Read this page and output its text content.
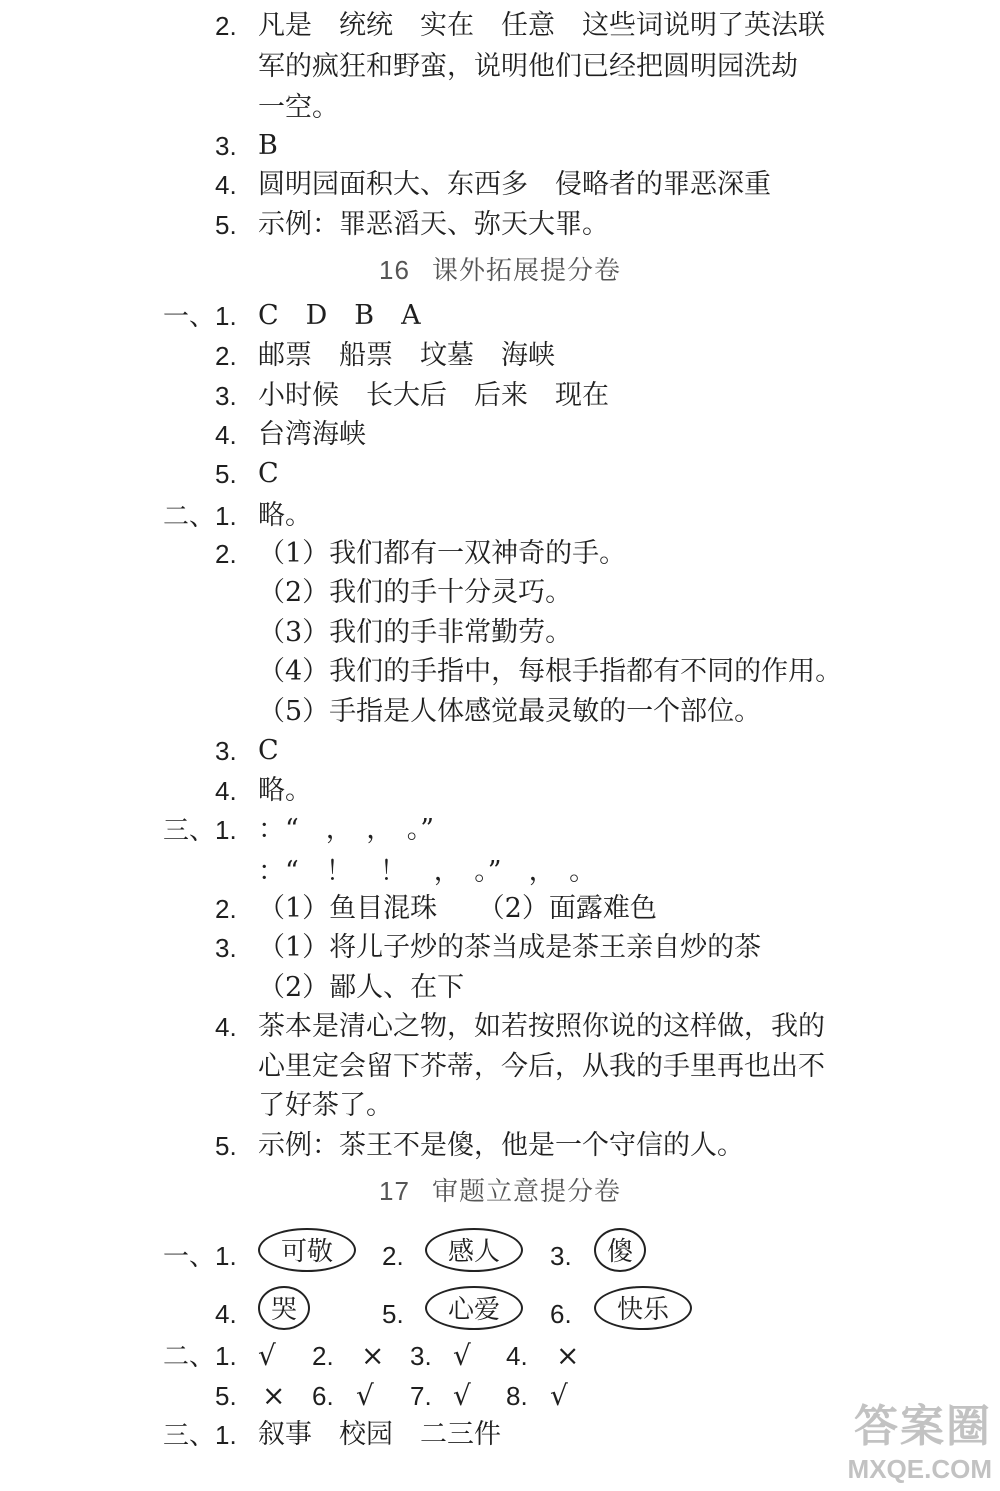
2. 凡是　统统　实在　任意　这些词说明了英法联
军的疯狂和野蛮，说明他们已经把圆明园洗劫
一空。
3. B
4. 圆明园面积大、东西多　侵略者的罪恶深重
5. 示例：罪恶滔天、弥天大罪。
16 课外拓展提分卷
一、1. C　D　B　A
2. 邮票　船票　坟墓　海峡
3. 小时候　长大后　后来　现在
4. 台湾海峡
5. C
二、1. 略。
2. （1）我们都有一双神奇的手。
（2）我们的手十分灵巧。
（3）我们的手非常勤劳。
（4）我们的手指中，每根手指都有不同的作用。
（5）手指是人体感觉最灵敏的一个部位。
3. C
4. 略。
三、1. ：“　，　，　。”
：“　！　！　，　。”　，　。
2. （1）鱼目混珠　　（2）面露难色
3. （1）将儿子炒的茶当成是茶王亲自炒的茶
（2）鄙人、在下
4. 茶本是清心之物，如若按照你说的这样做，我的
心里定会留下芥蒂，今后，从我的手里再也出不
了好茶了。
5. 示例：茶王不是傻，他是一个守信的人。
17 审题立意提分卷
一、1.	可敬	2.	感人	3.	傻
4.	哭	5.	心爱	6.	快乐
二、1. √ 2. × 3. √ 4. ×
5. × 6. √ 7. √ 8. √
三、1. 叙事　校园　二三件	答案圈
MXQE.COM
